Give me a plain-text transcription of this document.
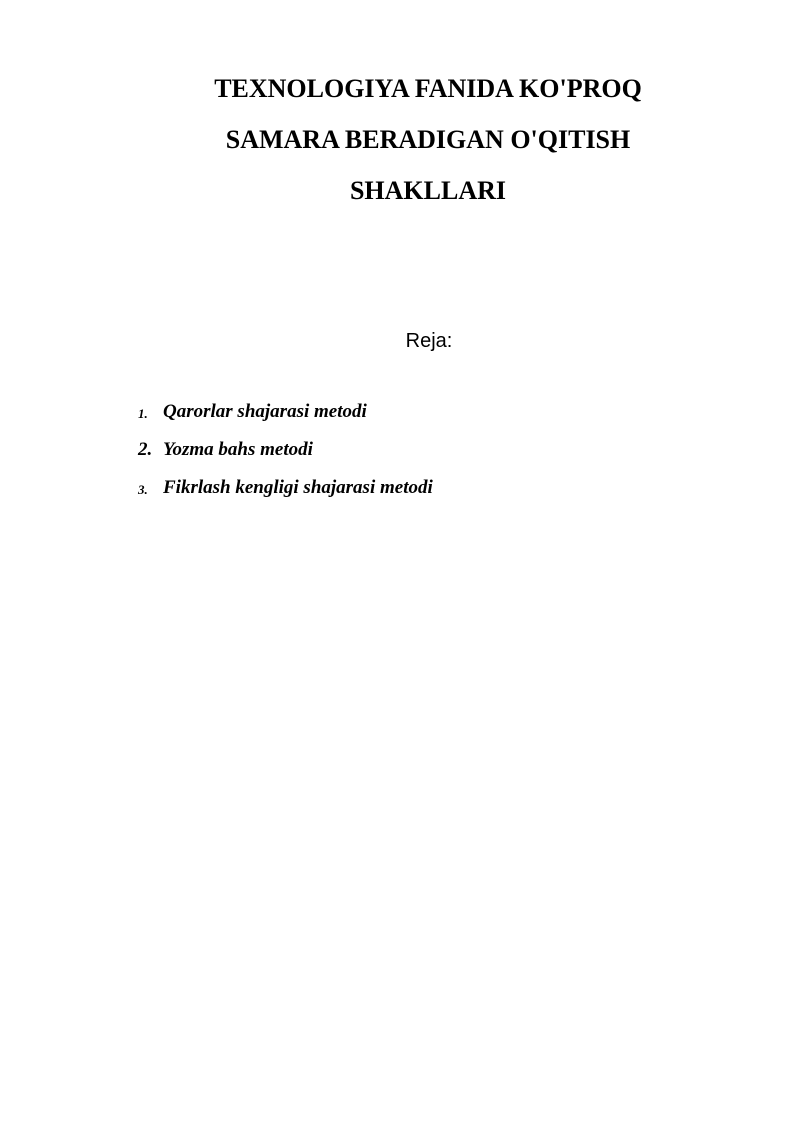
TEXNOLOGIYA FANIDA KO'PROQ
SAMARA BERADIGAN O'QITISH
SHAKLLARI
Reja:
1. Qarorlar shajarasi metodi
2. Yozma bahs metodi
3. Fikrlash kengligi shajarasi metodi
